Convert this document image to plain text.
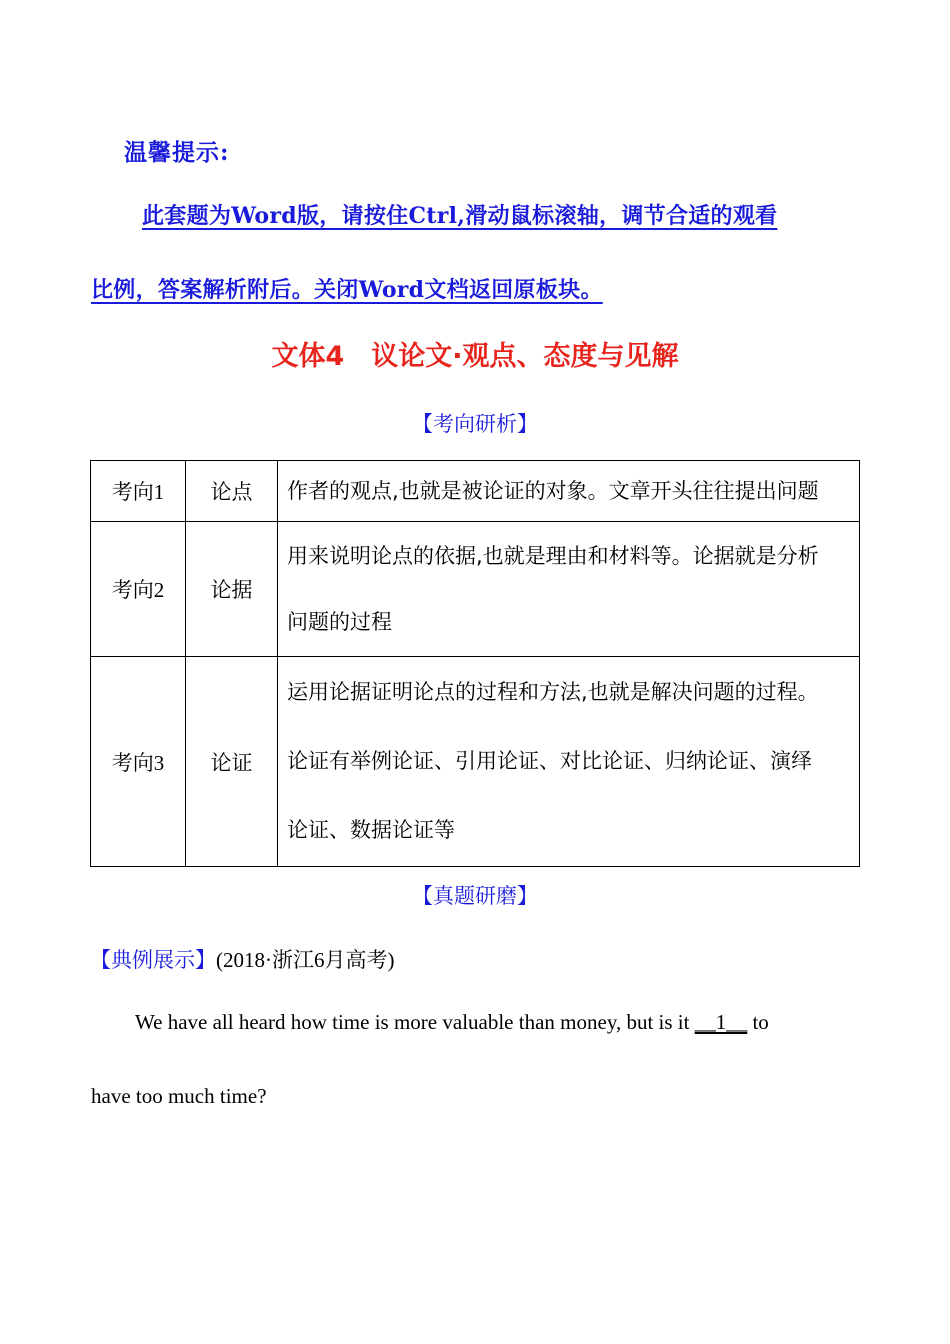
温馨提示:
此套题为Word版，请按住Ctrl,滑动鼠标滚轴，调节合适的观看
比例，答案解析附后。关闭Word文档返回原板块。
文体4　议论文·观点、态度与见解
【考向研析】
考向1	论点	作者的观点,也就是被论证的对象。文章开头往往提出问题

考向2	论据	用来说明论点的依据,也就是理由和材料等。论据就是分析
问题的过程

考向3	论证	运用论据证明论点的过程和方法,也就是解决问题的过程。
论证有举例论证、引用论证、对比论证、归纳论证、演绎
论证、数据论证等
【真题研磨】
【典例展示】(2018·浙江6月高考)
We have all heard how time is more valuable than money, but is it __1__ to
have too much time?
